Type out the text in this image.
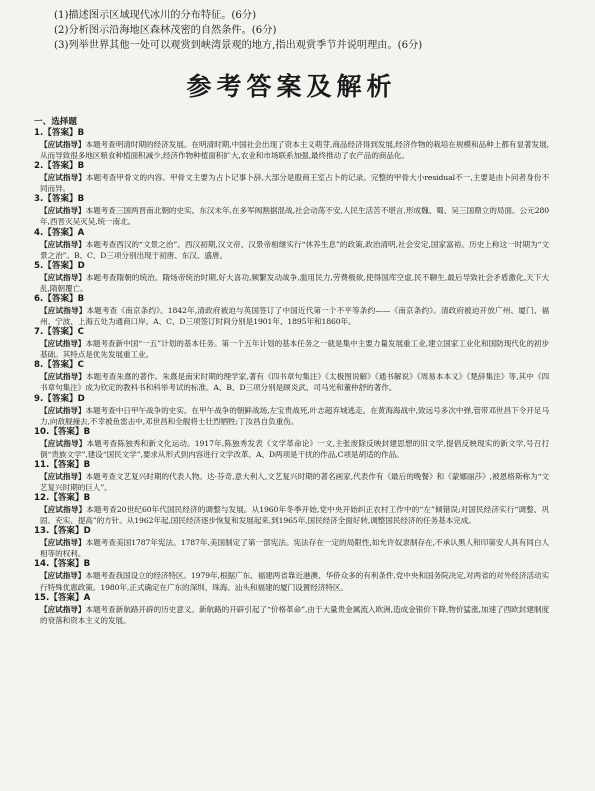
(1)描述图示区域现代冰川的分布特征。(6分)
(2)分析图示沿海地区森林茂密的自然条件。(6分)
(3)列举世界其他一处可以观赏到峡湾景观的地方,指出观赏季节并说明理由。(6分)
参考答案及解析
一、选择题
1.【答案】B
【应试指导】本题考查明清时期的经济发展。在明清时期,中国社会出现了资本主义萌芽,商品经济得到发展,经济作物的栽培在规模和品种上都有显著发展,从而导致很多地区粮食种植面积减少,经济作物种植面积扩大,农业和市场联系加强,最终推动了农产品的商品化。
2.【答案】B
【应试指导】本题考查甲骨文的内容。甲骨文主要为占卜记事卜辞,大部分是殷商王室占卜的记录。完整的甲骨大小residual不一,主要是由卜问者身份不同而异。
3.【答案】B
【应试指导】本题考查三国两晋南北朝的史实。东汉末年,在多军阀割据混战,社会动荡不安,人民生活苦不堪言,形成魏、蜀、吴三国鼎立的局面。公元280年,西晋灭吴灭吴,统一南北。
4.【答案】A
【应试指导】本题考查西汉的“文景之治”。西汉初期,汉文帝、汉景帝相继实行“休养生息”的政策,政治清明,社会安定,国家富裕。历史上称这一时期为“文景之治”。B、C、D三项分别出现于初唐、东汉、盛唐。
5.【答案】D
【应试指导】本题考查隋朝的统治。隋炀帝统治时期,好大喜功,频繁发动战争,滥用民力,劳费极欲,使得国库空虚,民不聊生,最后导致社会矛盾激化,天下大乱,隋朝覆亡。
6.【答案】B
【应试指导】本题考查《南京条约》。1842年,清政府被迫与英国签订了中国近代第一个不平等条约——《南京条约》。清政府被迫开放广州、厦门、福州、宁波、上海五处为通商口岸。A、C、D三项签订时间分别是1901年、1895年和1860年。
7.【答案】C
【应试指导】本题考查新中国“一五”计划的基本任务。第一个五年计划的基本任务之一就是集中主要力量发展重工业,建立国家工业化和国防现代化的初步基础。其特点是优先发展重工业。
8.【答案】C
【应试指导】本题考查朱熹的著作。朱熹是南宋时期的理学家,著有《四书章句集注》《太极图说解》《通书解说》《周易本本义》《楚辞集注》等,其中《四书章句集注》成为钦定的教科书和科举考试的标准。A、B、D三项分别是顾炎武、司马光和董仲舒的著作。
9.【答案】D
【应试指导】本题考查中日甲午战争的史实。在甲午战争的朝鲜战场,左宝贵战死,叶志超弃城逃走。在黄海海战中,致远号多次中弹,管带邓世昌下令开足马力,向敌舰撞去,不幸被鱼雷击中,邓世昌和全舰将士壮烈牺牲;丁汝昌自负重伤。
10.【答案】B
【应试指导】本题考查陈独秀和新文化运动。1917年,陈独秀发表《文学革命论》一文,主张废除反映封建思想的旧文学,提倡反映现实的新文学,号召打倒“贵族文学”,建设“国民文学”,要求从形式到内容进行文学改革。A、D两项是干扰的作品,C项是胡适的作品。
11.【答案】B
【应试指导】本题考查文艺复兴时期的代表人物。达·芬奇,意大利人,文艺复兴时期的著名画家,代表作有《最后的晚餐》和《蒙娜丽莎》,被恩格斯称为“文艺复兴时期的巨人”。
12.【答案】B
【应试指导】本题考查20世纪60年代国民经济的调整与发展。从1960年冬季开始,党中央开始纠正农村工作中的“左”倾错误;对国民经济实行“调整、巩固、充实、提高”的方针。从1962年起,国民经济逐步恢复和发展起来,到1965年,国民经济全面好转,调整国民经济的任务基本完成。
13.【答案】D
【应试指导】本题考查美国1787年宪法。1787年,美国制定了第一部宪法。宪法存在一定的局限性,如允许奴隶制存在,不承认黑人和印第安人具有同白人相等的权利。
14.【答案】B
【应试指导】本题考查我国设立的经济特区。1979年,根据广东、福建两省靠近港澳、华侨众多的有利条件,党中央和国务院决定,对两省的对外经济活动实行特殊优惠政策。1980年,正式确定在广东的深圳、珠海、汕头和福建的厦门设置经济特区。
15.【答案】A
【应试指导】本题考查新航路开辟的历史意义。新航路的开辟引起了“价格革命”,由于大量贵金属流入欧洲,造成金银价下降,物价猛涨,加速了西欧封建制度的衰落和资本主义的发展。
